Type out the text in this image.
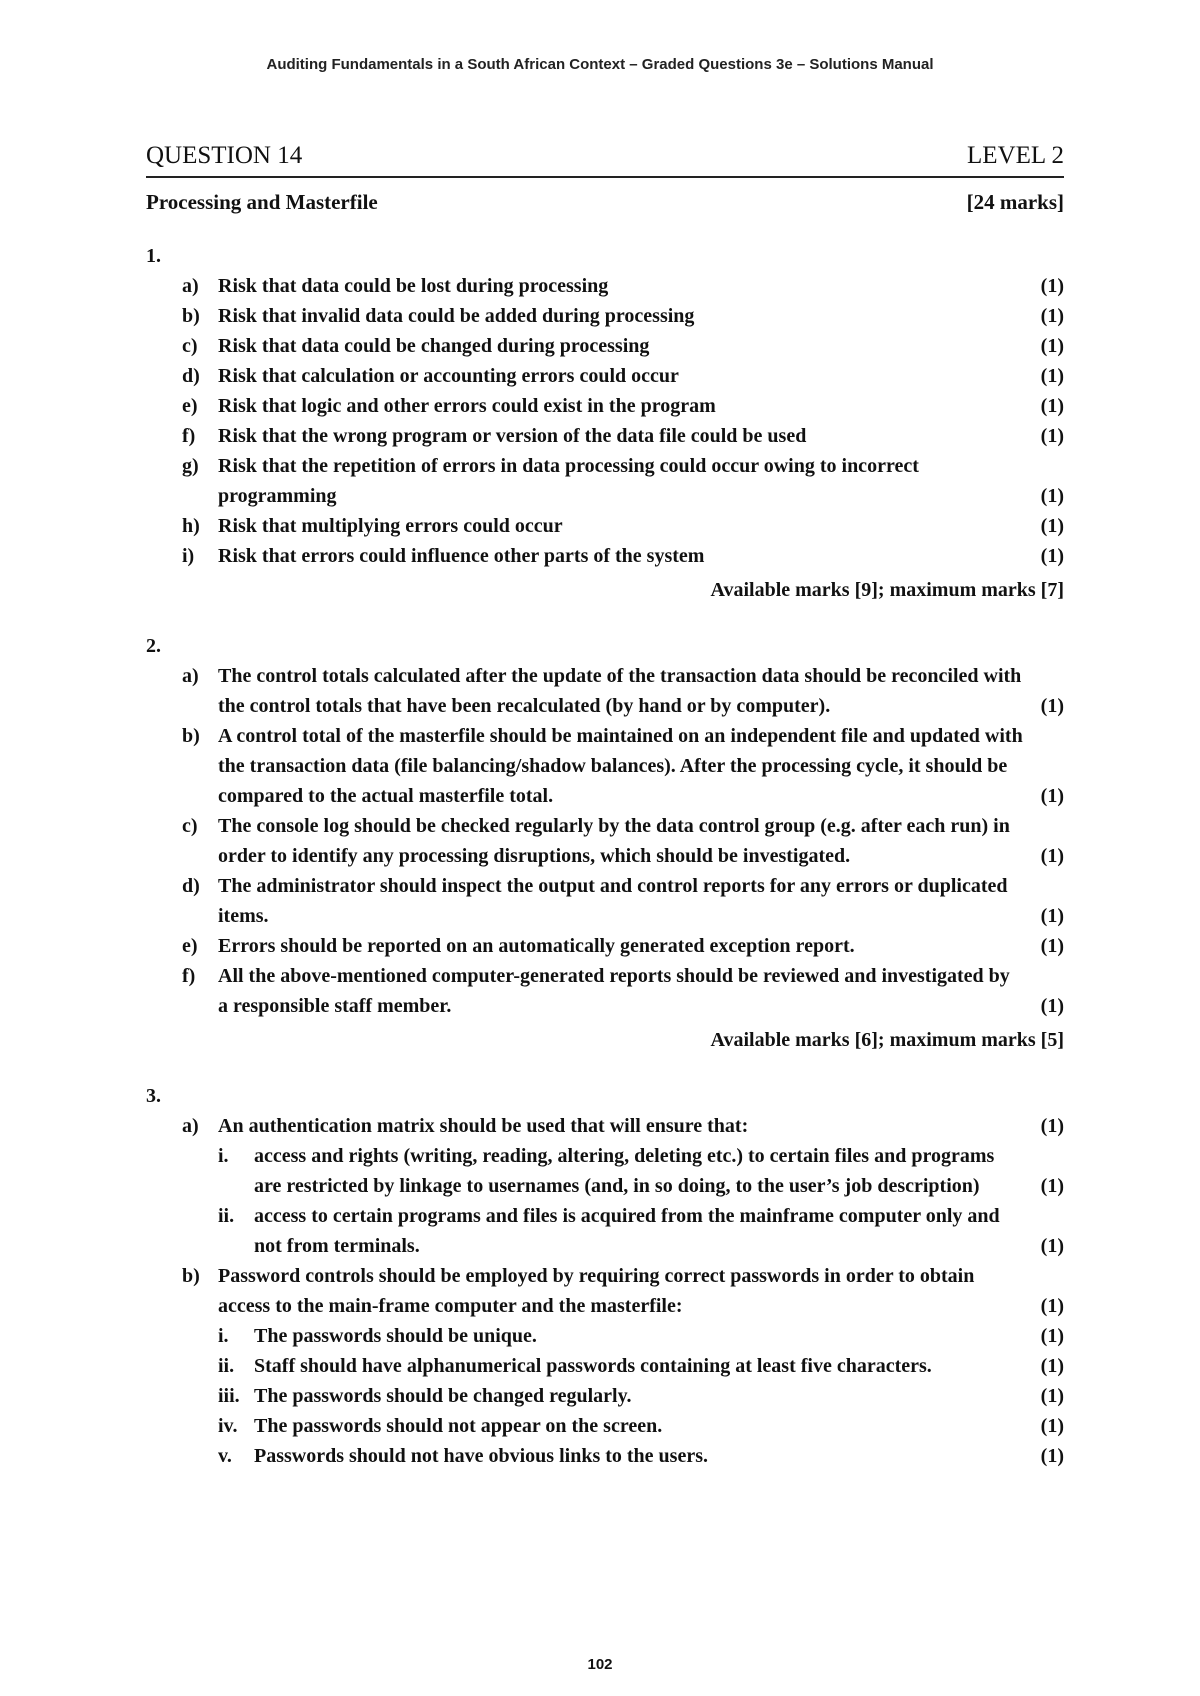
Auditing Fundamentals in a South African Context – Graded Questions 3e – Solutions Manual
QUESTION 14	LEVEL 2
Processing and Masterfile	[24 marks]
1.
a) Risk that data could be lost during processing	(1)
b) Risk that invalid data could be added during processing	(1)
c)	Risk that data could be changed during processing	(1)
d) Risk that calculation or accounting errors could occur	(1)
e)	Risk that logic and other errors could exist in the program	(1)
f)	Risk that the wrong program or version of the data file could be used	(1)
g) Risk that the repetition of errors in data processing could occur owing to incorrect programming	(1)
h) Risk that multiplying errors could occur	(1)
i)	Risk that errors could influence other parts of the system	(1)
Available marks [9]; maximum marks [7]
2.
a) The control totals calculated after the update of the transaction data should be reconciled with the control totals that have been recalculated (by hand or by computer).	(1)
b) A control total of the masterfile should be maintained on an independent file and updated with the transaction data (file balancing/shadow balances). After the processing cycle, it should be compared to the actual masterfile total.	(1)
c)	The console log should be checked regularly by the data control group (e.g. after each run) in order to identify any processing disruptions, which should be investigated.	(1)
d) The administrator should inspect the output and control reports for any errors or duplicated items.	(1)
e)	Errors should be reported on an automatically generated exception report.	(1)
f)	All the above-mentioned computer-generated reports should be reviewed and investigated by a responsible staff member.	(1)
Available marks [6]; maximum marks [5]
3.
a) An authentication matrix should be used that will ensure that:	(1)
i.	access and rights (writing, reading, altering, deleting etc.) to certain files and programs are restricted by linkage to usernames (and, in so doing, to the user’s job description)	(1)
ii. access to certain programs and files is acquired from the mainframe computer only and not from terminals.	(1)
b) Password controls should be employed by requiring correct passwords in order to obtain access to the main-frame computer and the masterfile:	(1)
i.	The passwords should be unique.	(1)
ii. Staff should have alphanumerical passwords containing at least five characters.	(1)
iii. The passwords should be changed regularly.	(1)
iv. The passwords should not appear on the screen.	(1)
v.	Passwords should not have obvious links to the users.	(1)
102
